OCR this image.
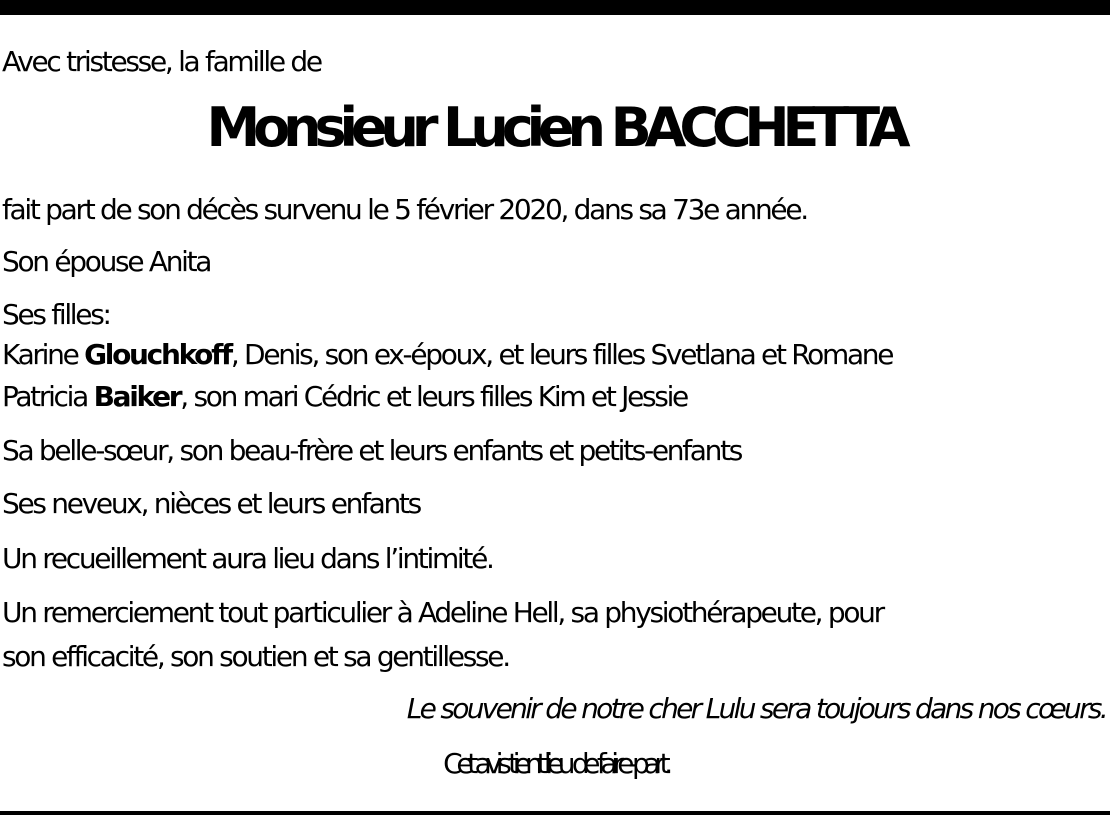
Avec tristesse, la famille de

Monsieur Lucien BACCHETTA

fait part de son décès survenu le 5 février 2020, dans sa 73e année.

Son épouse Anita

Ses filles:

Karine Glouchkoff, Denis, son ex-époux, et leurs filles Svetlana et Romane

Patricia Baiker, son mari Cédric et leurs filles Kim et Jessie

Sa belle-sœur, son beau-frère et leurs enfants et petits-enfants

Ses neveux, nièces et leurs enfants

Un recueillement aura lieu dans l’intimité.

Un remerciement tout particulier à Adeline Hell, sa physiothérapeute, pour

son efficacité, son soutien et sa gentillesse.

Le souvenir de notre cher Lulu sera toujours dans nos cœurs.

Cet avis tient lieu de faire-part.
